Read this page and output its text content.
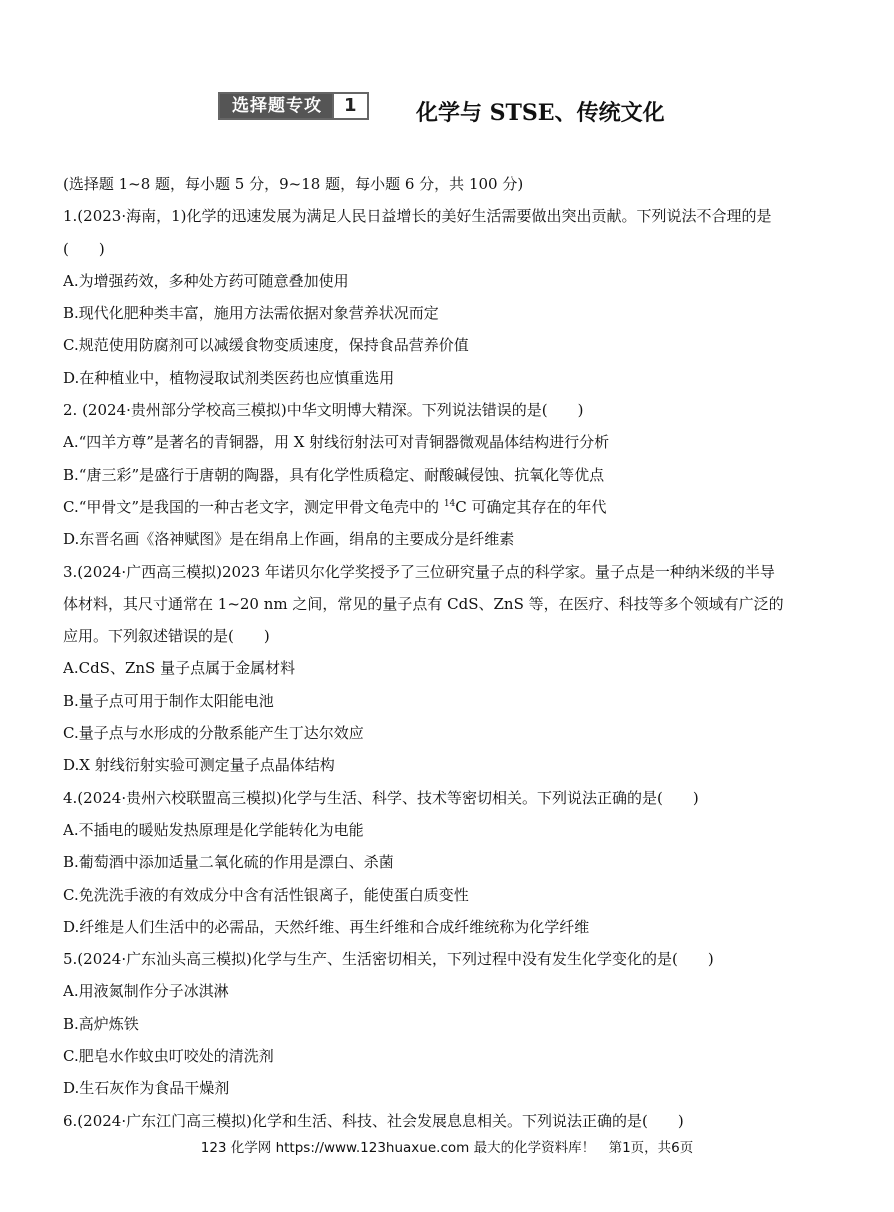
选择题专攻	1	化学与 STSE、传统文化
(选择题 1~8 题，每小题 5 分，9~18 题，每小题 6 分，共 100 分)
1.(2023·海南，1)化学的迅速发展为满足人民日益增长的美好生活需要做出突出贡献。下列说法不合理的是
(　　)
A.为增强药效，多种处方药可随意叠加使用
B.现代化肥种类丰富，施用方法需依据对象营养状况而定
C.规范使用防腐剂可以减缓食物变质速度，保持食品营养价值
D.在种植业中，植物浸取试剂类医药也应慎重选用
2. (2024·贵州部分学校高三模拟)中华文明博大精深。下列说法错误的是(　　)
A.“四羊方尊”是著名的青铜器，用 X 射线衍射法可对青铜器微观晶体结构进行分析
B.“唐三彩”是盛行于唐朝的陶器，具有化学性质稳定、耐酸碱侵蚀、抗氧化等优点
C.“甲骨文”是我国的一种古老文字，测定甲骨文龟壳中的 $^{14}$C 可确定其存在的年代
D.东晋名画《洛神赋图》是在绢帛上作画，绢帛的主要成分是纤维素
3.(2024·广西高三模拟)2023 年诺贝尔化学奖授予了三位研究量子点的科学家。量子点是一种纳米级的半导
体材料，其尺寸通常在 1~20 nm 之间，常见的量子点有 CdS、ZnS 等，在医疗、科技等多个领域有广泛的
应用。下列叙述错误的是(　　)
A.CdS、ZnS 量子点属于金属材料
B.量子点可用于制作太阳能电池
C.量子点与水形成的分散系能产生丁达尔效应
D.X 射线衍射实验可测定量子点晶体结构
4.(2024·贵州六校联盟高三模拟)化学与生活、科学、技术等密切相关。下列说法正确的是(　　)
A.不插电的暖贴发热原理是化学能转化为电能
B.葡萄酒中添加适量二氧化硫的作用是漂白、杀菌
C.免洗洗手液的有效成分中含有活性银离子，能使蛋白质变性
D.纤维是人们生活中的必需品，天然纤维、再生纤维和合成纤维统称为化学纤维
5.(2024·广东汕头高三模拟)化学与生产、生活密切相关，下列过程中没有发生化学变化的是(　　)
A.用液氮制作分子冰淇淋
B.高炉炼铁
C.肥皂水作蚊虫叮咬处的清洗剂
D.生石灰作为食品干燥剂
6.(2024·广东江门高三模拟)化学和生活、科技、社会发展息息相关。下列说法正确的是(　　)
123 化学网 https://www.123huaxue.com 最大的化学资料库！　第1页，共6页
